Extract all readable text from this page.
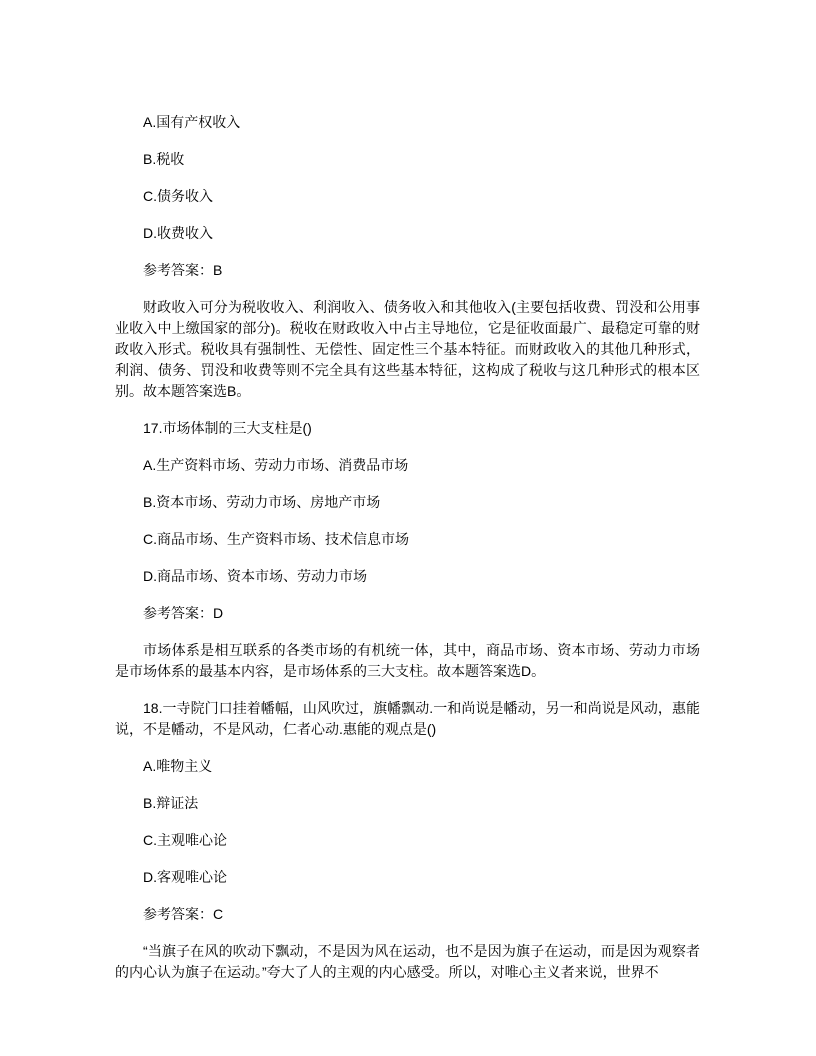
A.国有产权收入

B.税收

C.债务收入

D.收费收入

参考答案：B

财政收入可分为税收收入、利润收入、债务收入和其他收入(主要包括收费、罚没和公用事业收入中上缴国家的部分)。税收在财政收入中占主导地位，它是征收面最广、最稳定可靠的财政收入形式。税收具有强制性、无偿性、固定性三个基本特征。而财政收入的其他几种形式，利润、债务、罚没和收费等则不完全具有这些基本特征，这构成了税收与这几种形式的根本区别。故本题答案选B。

17.市场体制的三大支柱是()

A.生产资料市场、劳动力市场、消费品市场

B.资本市场、劳动力市场、房地产市场

C.商品市场、生产资料市场、技术信息市场

D.商品市场、资本市场、劳动力市场

参考答案：D

市场体系是相互联系的各类市场的有机统一体，其中，商品市场、资本市场、劳动力市场是市场体系的最基本内容，是市场体系的三大支柱。故本题答案选D。

18.一寺院门口挂着幡幅，山风吹过，旗幡飘动.一和尚说是幡动，另一和尚说是风动，惠能说，不是幡动，不是风动，仁者心动.惠能的观点是()

A.唯物主义

B.辩证法

C.主观唯心论

D.客观唯心论

参考答案：C

“当旗子在风的吹动下飘动，不是因为风在运动，也不是因为旗子在运动，而是因为观察者的内心认为旗子在运动。”夸大了人的主观的内心感受。所以，对唯心主义者来说，世界不
